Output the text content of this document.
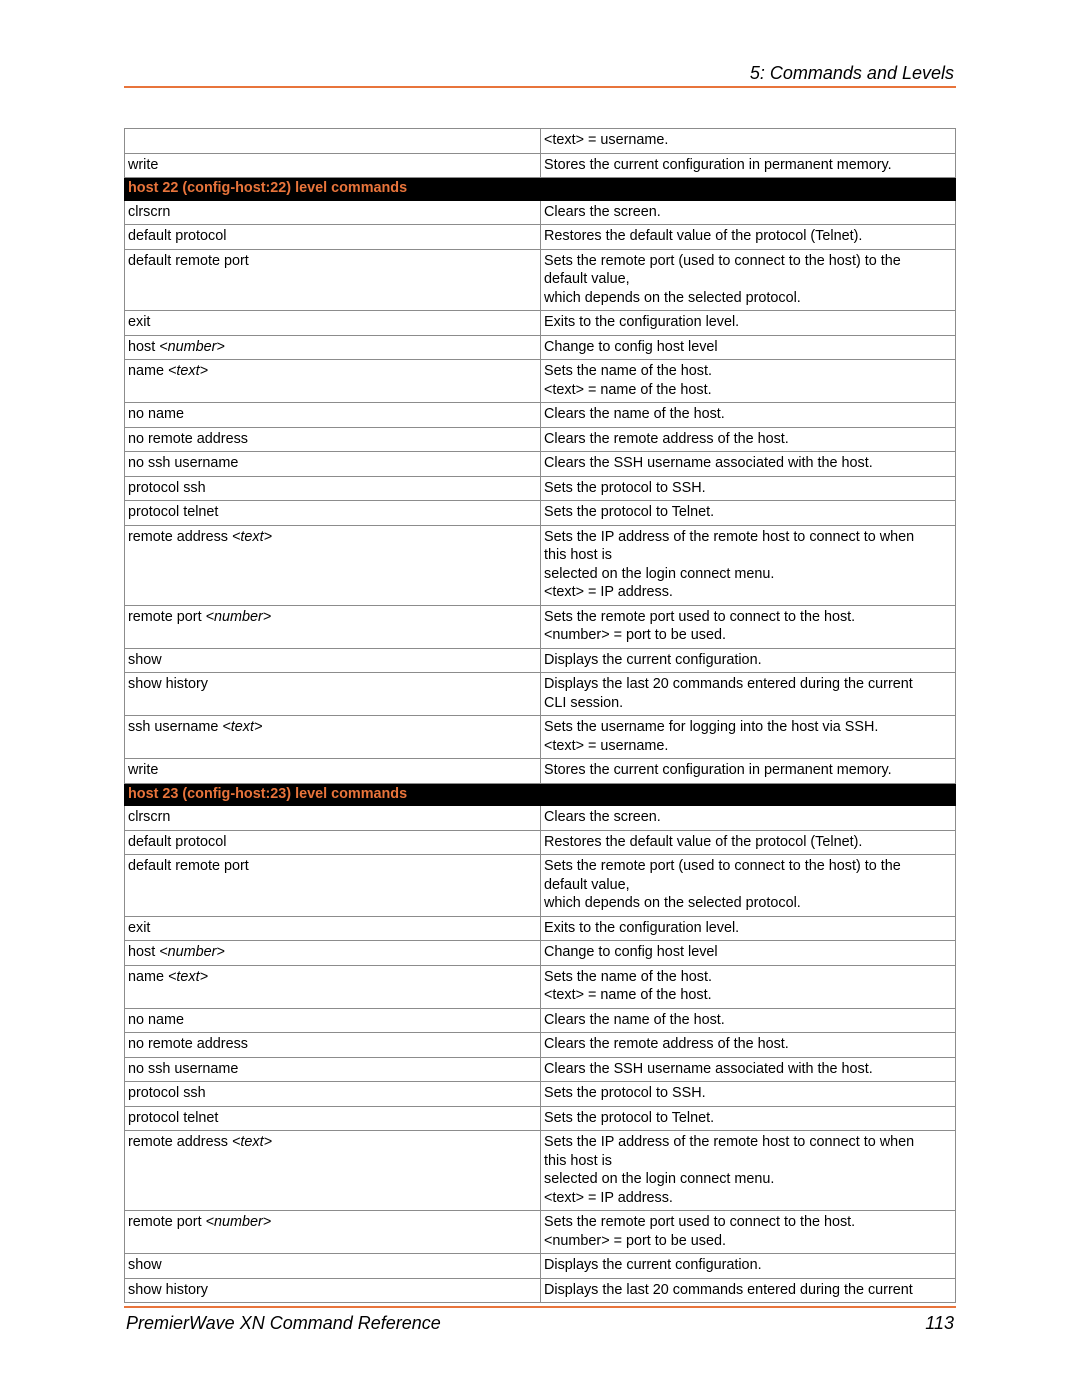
5: Commands and Levels

	<text> = username.

write	Stores the current configuration in permanent memory.

host 22 (config-host:22) level commands	
clrscrn	Clears the screen.

default protocol	Restores the default value of the protocol (Telnet).

default remote port	Sets the remote port (used to connect to the host) to the
default value,
which depends on the selected protocol.

exit	Exits to the configuration level.

host <number>	Change to config host level

name <text>	Sets the name of the host.
<text> = name of the host.

no name	Clears the name of the host.

no remote address	Clears the remote address of the host.

no ssh username	Clears the SSH username associated with the host.

protocol ssh	Sets the protocol to SSH.

protocol telnet	Sets the protocol to Telnet.

remote address <text>	Sets the IP address of the remote host to connect to when
this host is
selected on the login connect menu.
<text> = IP address.

remote port <number>	Sets the remote port used to connect to the host.
<number> = port to be used.

show	Displays the current configuration.

show history	Displays the last 20 commands entered during the current
CLI session.

ssh username <text>	Sets the username for logging into the host via SSH.
<text> = username.

write	Stores the current configuration in permanent memory.

host 23 (config-host:23) level commands	
clrscrn	Clears the screen.

default protocol	Restores the default value of the protocol (Telnet).

default remote port	Sets the remote port (used to connect to the host) to the
default value,
which depends on the selected protocol.

exit	Exits to the configuration level.

host <number>	Change to config host level

name <text>	Sets the name of the host.
<text> = name of the host.

no name	Clears the name of the host.

no remote address	Clears the remote address of the host.

no ssh username	Clears the SSH username associated with the host.

protocol ssh	Sets the protocol to SSH.

protocol telnet	Sets the protocol to Telnet.

remote address <text>	Sets the IP address of the remote host to connect to when
this host is
selected on the login connect menu.
<text> = IP address.

remote port <number>	Sets the remote port used to connect to the host.
<number> = port to be used.

show	Displays the current configuration.

show history	Displays the last 20 commands entered during the current
PremierWave XN Command Reference	113
